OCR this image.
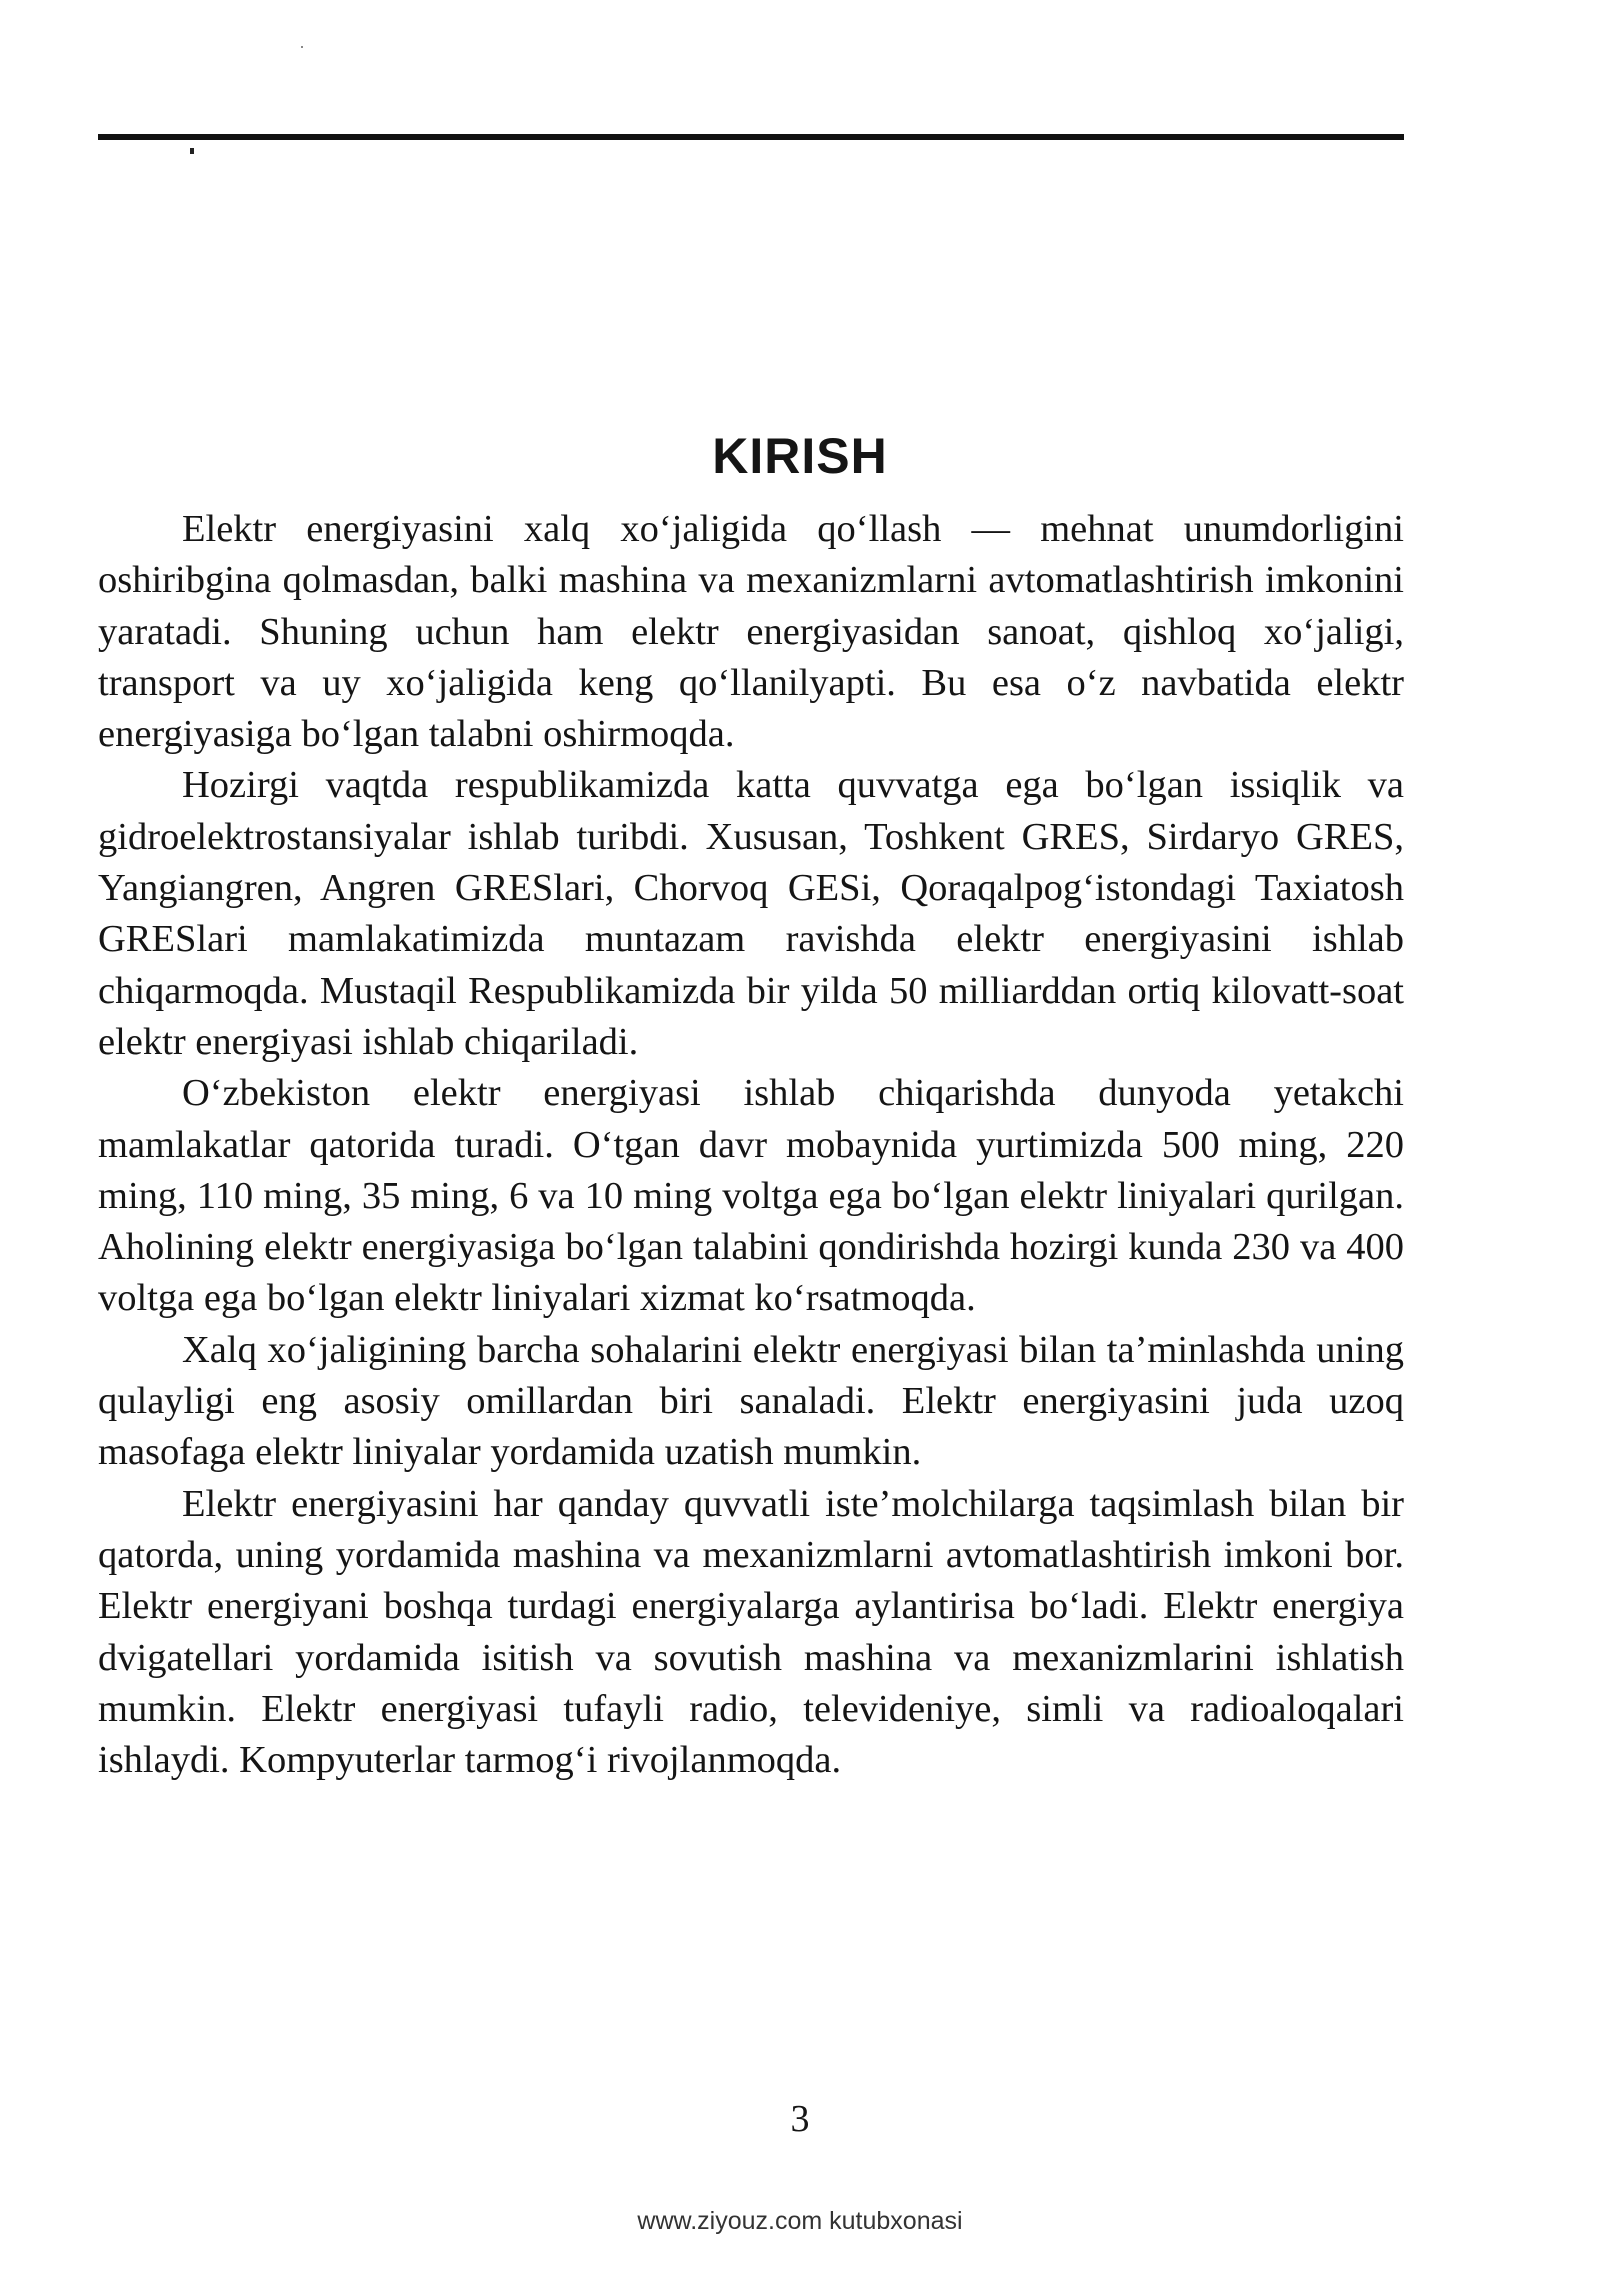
KIRISH

Elektr energiyasini xalq xo‘jaligida qo‘llash — mehnat unumdorligini oshiribgina qolmasdan, balki mashina va mexanizmlarni avtomatlashtirish imkonini yaratadi. Shuning uchun ham elektr energiyasidan sanoat, qishloq xo‘jaligi, transport va uy xo‘jaligida keng qo‘llanilyapti. Bu esa o‘z navbatida elektr energiyasiga bo‘lgan talabni oshirmoqda.

Hozirgi vaqtda respublikamizda katta quvvatga ega bo‘lgan issiqlik va gidroelektrostansiyalar ishlab turibdi. Xususan, Toshkent GRES, Sirdaryo GRES, Yangiangren, Angren GRESlari, Chorvoq GESi, Qoraqalpog‘istondagi Taxiatosh GRESlari mamlakatimizda muntazam ravishda elektr energiyasini ishlab chiqarmoqda. Mustaqil Respublikamizda bir yilda 50 milliarddan ortiq kilovatt-soat elektr energiyasi ishlab chiqariladi.

O‘zbekiston elektr energiyasi ishlab chiqarishda dunyoda yetakchi mamlakatlar qatorida turadi. O‘tgan davr mobaynida yurtimizda 500 ming, 220 ming, 110 ming, 35 ming, 6 va 10 ming voltga ega bo‘lgan elektr liniyalari qurilgan. Aholining elektr energiyasiga bo‘lgan talabini qondirishda hozirgi kunda 230 va 400 voltga ega bo‘lgan elektr liniyalari xizmat ko‘rsatmoqda.

Xalq xo‘jaligining barcha sohalarini elektr energiyasi bilan ta’minlashda uning qulayligi eng asosiy omillardan biri sanaladi. Elektr energiyasini juda uzoq masofaga elektr liniyalar yordamida uzatish mumkin.

Elektr energiyasini har qanday quvvatli iste’molchilarga taqsimlash bilan bir qatorda, uning yordamida mashina va mexanizmlarni avtomatlashtirish imkoni bor. Elektr energiyani boshqa turdagi energiyalarga aylantirisa bo‘ladi. Elektr energiya dvigatellari yordamida isitish va sovutish mashina va mexanizmlarini ishlatish mumkin. Elektr energiyasi tufayli radio, televideniye, simli va radioaloqalari ishlaydi. Kompyuterlar tarmog‘i rivojlanmoqda.

3
www.ziyouz.com kutubxonasi
